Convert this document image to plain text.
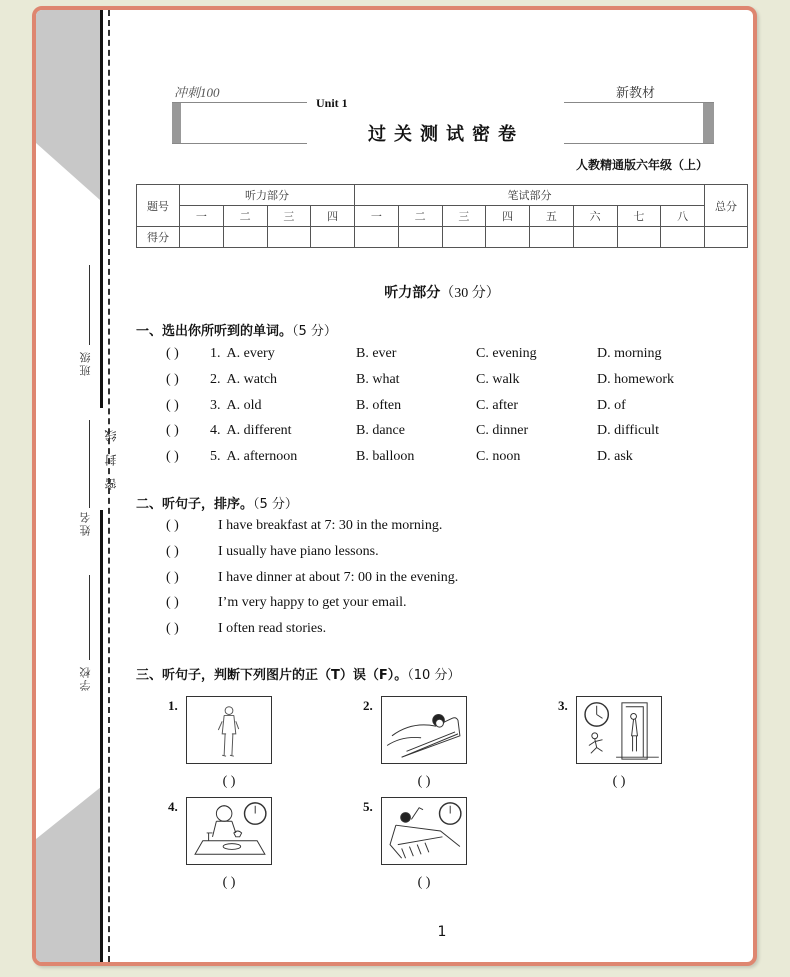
班级
姓名
学校
密封线
冲刺100	新教材
Unit 1
过关测试密卷
人教精通版六年级（上）
题号	听力部分				笔试部分								总分
	一	二	三	四	一	二	三	四	五	六	七	八	
得分													
听力部分（30 分）
一、选出你所听到的单词。（5 分）
( ) 1. A. every	B. ever	C. evening	D. morning
( ) 2. A. watch	B. what	C. walk	D. homework
( ) 3. A. old	B. often	C. after	D. of
( ) 4. A. different	B. dance	C. dinner	D. difficult
( ) 5. A. afternoon	B. balloon	C. noon	D. ask
二、听句子，排序。（5 分）
( )	I have breakfast at 7: 30 in the morning.
( )	I usually have piano lessons.
( )	I have dinner at about 7: 00 in the evening.
( )	I’m very happy to get your email.
( )	I often read stories.
三、听句子，判断下列图片的正（T）误（F）。（10 分）
1.
( )
2.
( )
3.
( )
4.
( )
5.
( )
1
